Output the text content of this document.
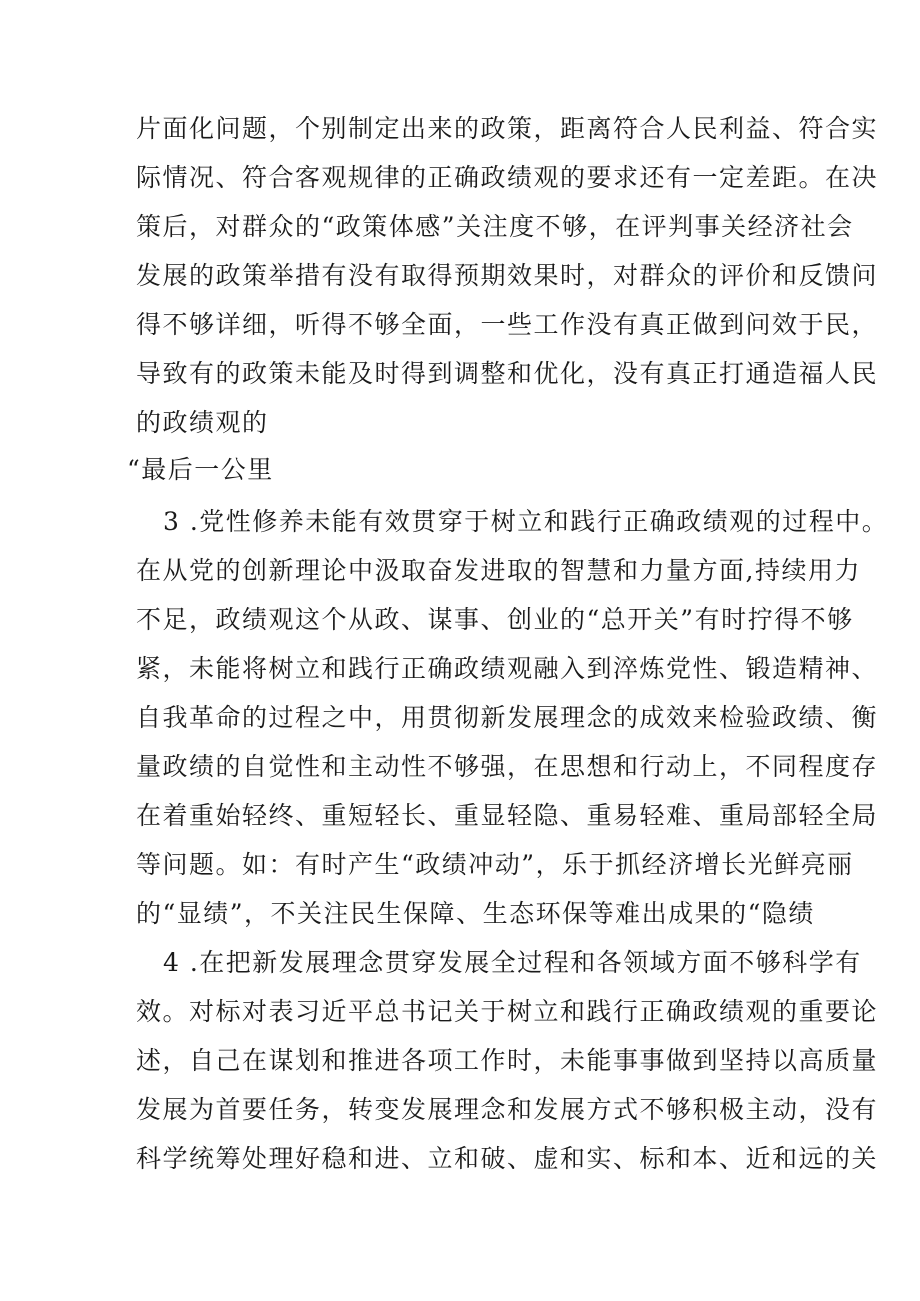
片面化问题，个别制定出来的政策，距离符合人民利益、符合实
际情况、符合客观规律的正确政绩观的要求还有一定差距。在决
策后，对群众的“政策体感”关注度不够，在评判事关经济社会
发展的政策举措有没有取得预期效果时，对群众的评价和反馈问
得不够详细，听得不够全面，一些工作没有真正做到问效于民，
导致有的政策未能及时得到调整和优化，没有真正打通造福人民
的政绩观的
“最后一公里
3 .党性修养未能有效贯穿于树立和践行正确政绩观的过程中。
在从党的创新理论中汲取奋发进取的智慧和力量方面,持续用力
不足，政绩观这个从政、谋事、创业的“总开关”有时拧得不够
紧，未能将树立和践行正确政绩观融入到淬炼党性、锻造精神、
自我革命的过程之中，用贯彻新发展理念的成效来检验政绩、衡
量政绩的自觉性和主动性不够强，在思想和行动上，不同程度存
在着重始轻终、重短轻长、重显轻隐、重易轻难、重局部轻全局
等问题。如：有时产生“政绩冲动”，乐于抓经济增长光鲜亮丽
的“显绩”，不关注民生保障、生态环保等难出成果的“隐绩
4 .在把新发展理念贯穿发展全过程和各领域方面不够科学有
效。对标对表习近平总书记关于树立和践行正确政绩观的重要论
述，自己在谋划和推进各项工作时，未能事事做到坚持以高质量
发展为首要任务，转变发展理念和发展方式不够积极主动，没有
科学统筹处理好稳和进、立和破、虚和实、标和本、近和远的关
